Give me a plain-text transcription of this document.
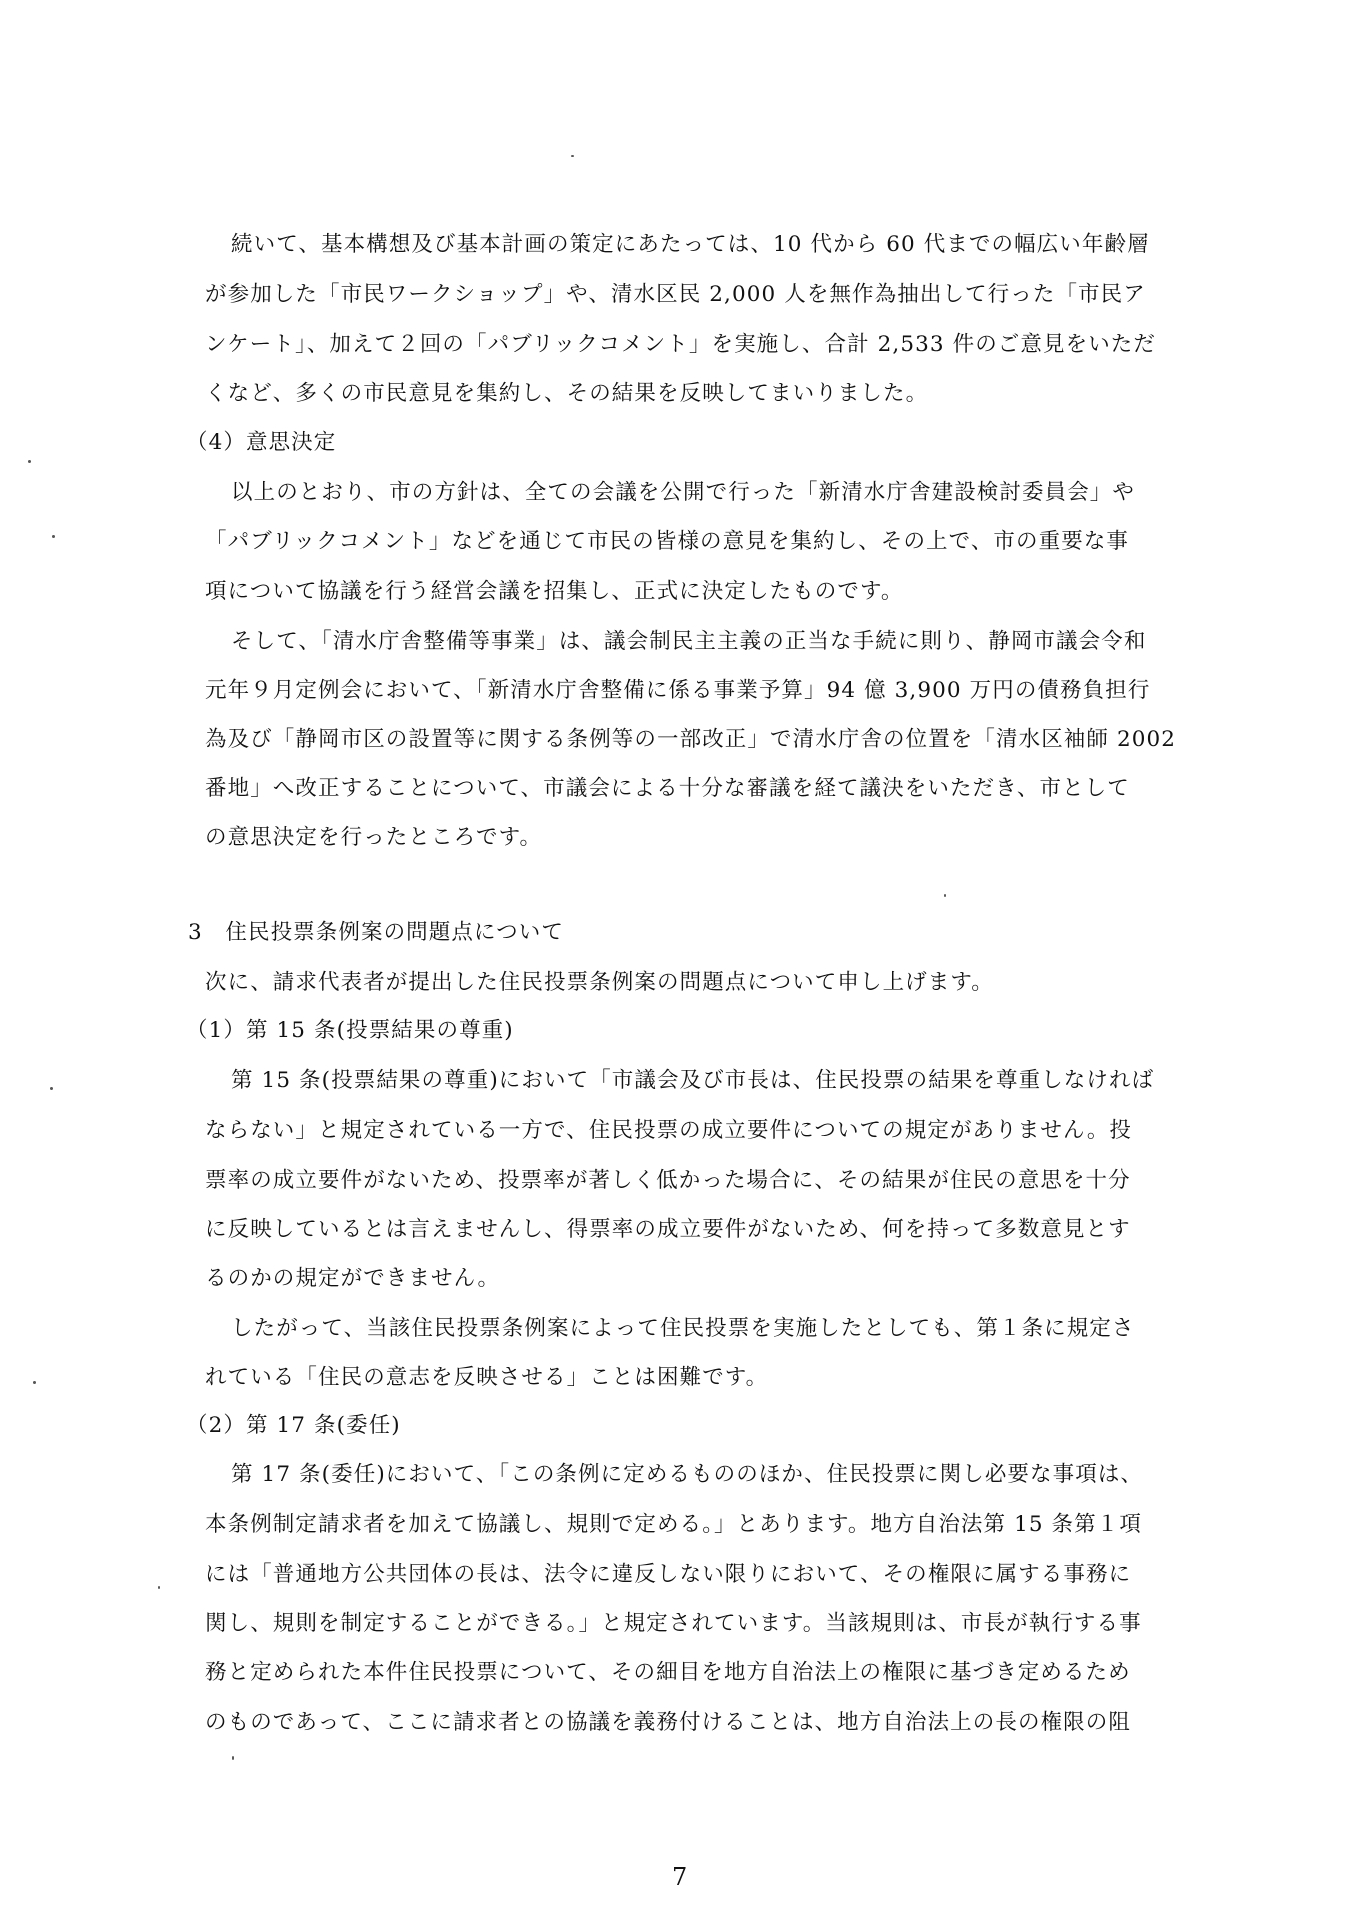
続いて、基本構想及び基本計画の策定にあたっては、10 代から 60 代までの幅広い年齢層
が参加した「市民ワークショップ」や、清水区民 2,000 人を無作為抽出して行った「市民ア
ンケート」、加えて２回の「パブリックコメント」を実施し、合計 2,533 件のご意見をいただ
くなど、多くの市民意見を集約し、その結果を反映してまいりました。
（4）意思決定
以上のとおり、市の方針は、全ての会議を公開で行った「新清水庁舎建設検討委員会」や
「パブリックコメント」などを通じて市民の皆様の意見を集約し、その上で、市の重要な事
項について協議を行う経営会議を招集し、正式に決定したものです。
そして、「清水庁舎整備等事業」は、議会制民主主義の正当な手続に則り、静岡市議会令和
元年９月定例会において、「新清水庁舎整備に係る事業予算」94 億 3,900 万円の債務負担行
為及び「静岡市区の設置等に関する条例等の一部改正」で清水庁舎の位置を「清水区袖師 2002
番地」へ改正することについて、市議会による十分な審議を経て議決をいただき、市として
の意思決定を行ったところです。
3　住民投票条例案の問題点について
次に、請求代表者が提出した住民投票条例案の問題点について申し上げます。
（1）第 15 条(投票結果の尊重)
第 15 条(投票結果の尊重)において「市議会及び市長は、住民投票の結果を尊重しなければ
ならない」と規定されている一方で、住民投票の成立要件についての規定がありません。投
票率の成立要件がないため、投票率が著しく低かった場合に、その結果が住民の意思を十分
に反映しているとは言えませんし、得票率の成立要件がないため、何を持って多数意見とす
るのかの規定ができません。
したがって、当該住民投票条例案によって住民投票を実施したとしても、第１条に規定さ
れている「住民の意志を反映させる」ことは困難です。
（2）第 17 条(委任)
第 17 条(委任)において、「この条例に定めるもののほか、住民投票に関し必要な事項は、
本条例制定請求者を加えて協議し、規則で定める。」とあります。地方自治法第 15 条第１項
には「普通地方公共団体の長は、法令に違反しない限りにおいて、その権限に属する事務に
関し、規則を制定することができる。」と規定されています。当該規則は、市長が執行する事
務と定められた本件住民投票について、その細目を地方自治法上の権限に基づき定めるため
のものであって、ここに請求者との協議を義務付けることは、地方自治法上の長の権限の阻
7
